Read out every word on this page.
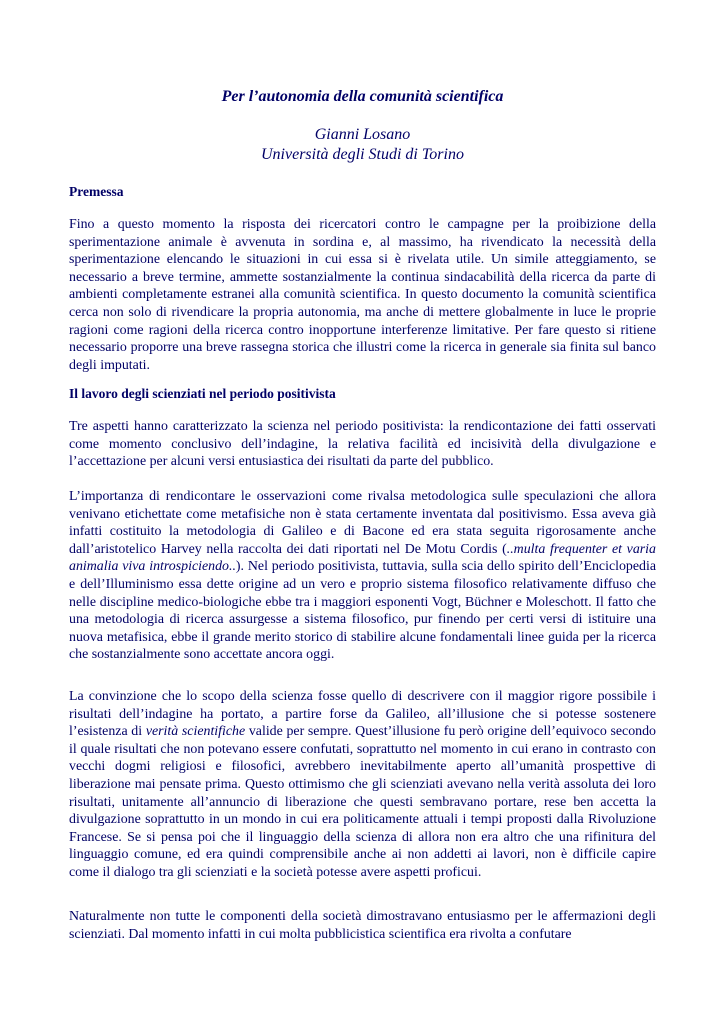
Per l’autonomia della comunità scientifica

Gianni Losano

Università degli Studi di Torino

Premessa

Fino a questo momento la risposta dei ricercatori contro le campagne per la proibizione della sperimentazione animale è avvenuta in sordina e, al massimo, ha rivendicato la necessità della sperimentazione elencando le situazioni in cui essa si è rivelata utile. Un simile atteggiamento, se necessario a breve termine, ammette sostanzialmente la continua sindacabilità della ricerca da parte di ambienti completamente estranei alla comunità scientifica. In questo documento la comunità scientifica cerca non solo di rivendicare la propria autonomia, ma anche di mettere globalmente in luce le proprie ragioni come ragioni della ricerca contro inopportune interferenze limitative. Per fare questo si ritiene necessario proporre una breve rassegna storica che illustri come la ricerca in generale sia finita sul banco degli imputati.

Il lavoro degli scienziati nel periodo positivista

Tre aspetti hanno caratterizzato la scienza nel periodo positivista: la rendicontazione dei fatti osservati come momento conclusivo dell’indagine, la relativa facilità ed incisività della divulgazione e l’accettazione per alcuni versi entusiastica dei risultati da parte del pubblico.

L’importanza di rendicontare le osservazioni come rivalsa metodologica sulle speculazioni che allora venivano etichettate come metafisiche non è stata certamente inventata dal positivismo. Essa aveva già infatti costituito la metodologia di Galileo e di Bacone ed era stata seguita rigorosamente anche dall’aristotelico Harvey nella raccolta dei dati riportati nel De Motu Cordis (..multa frequenter et varia animalia viva introspiciendo..). Nel periodo positivista, tuttavia, sulla scia dello spirito dell’Enciclopedia e dell’Illuminismo essa dette origine ad un vero e proprio sistema filosofico relativamente diffuso che nelle discipline medico-biologiche ebbe tra i maggiori esponenti Vogt, Büchner e Moleschott. Il fatto che una metodologia di ricerca assurgesse a sistema filosofico, pur finendo per certi versi di istituire una nuova metafisica, ebbe il grande merito storico di stabilire alcune fondamentali linee guida per la ricerca che sostanzialmente sono accettate ancora oggi.

La convinzione che lo scopo della scienza fosse quello di descrivere con il maggior rigore possibile i risultati dell’indagine ha portato, a partire forse da Galileo, all’illusione che si potesse sostenere l’esistenza di verità scientifiche valide per sempre. Quest’illusione fu però origine dell’equivoco secondo il quale risultati che non potevano essere confutati, soprattutto nel momento in cui erano in contrasto con vecchi dogmi religiosi e filosofici, avrebbero inevitabilmente aperto all’umanità prospettive di liberazione mai pensate prima. Questo ottimismo che gli scienziati avevano nella verità assoluta dei loro risultati, unitamente all’annuncio di liberazione che questi sembravano portare, rese ben accetta la divulgazione soprattutto in un mondo in cui era politicamente attuali i tempi proposti dalla Rivoluzione Francese. Se si pensa poi che il linguaggio della scienza di allora non era altro che una rifinitura del linguaggio comune, ed era quindi comprensibile anche ai non addetti ai lavori, non è difficile capire come il dialogo tra gli scienziati e la società potesse avere aspetti proficui.

Naturalmente non tutte le componenti della società dimostravano entusiasmo per le affermazioni degli scienziati. Dal momento infatti in cui molta pubblicistica scientifica era rivolta a confutare
